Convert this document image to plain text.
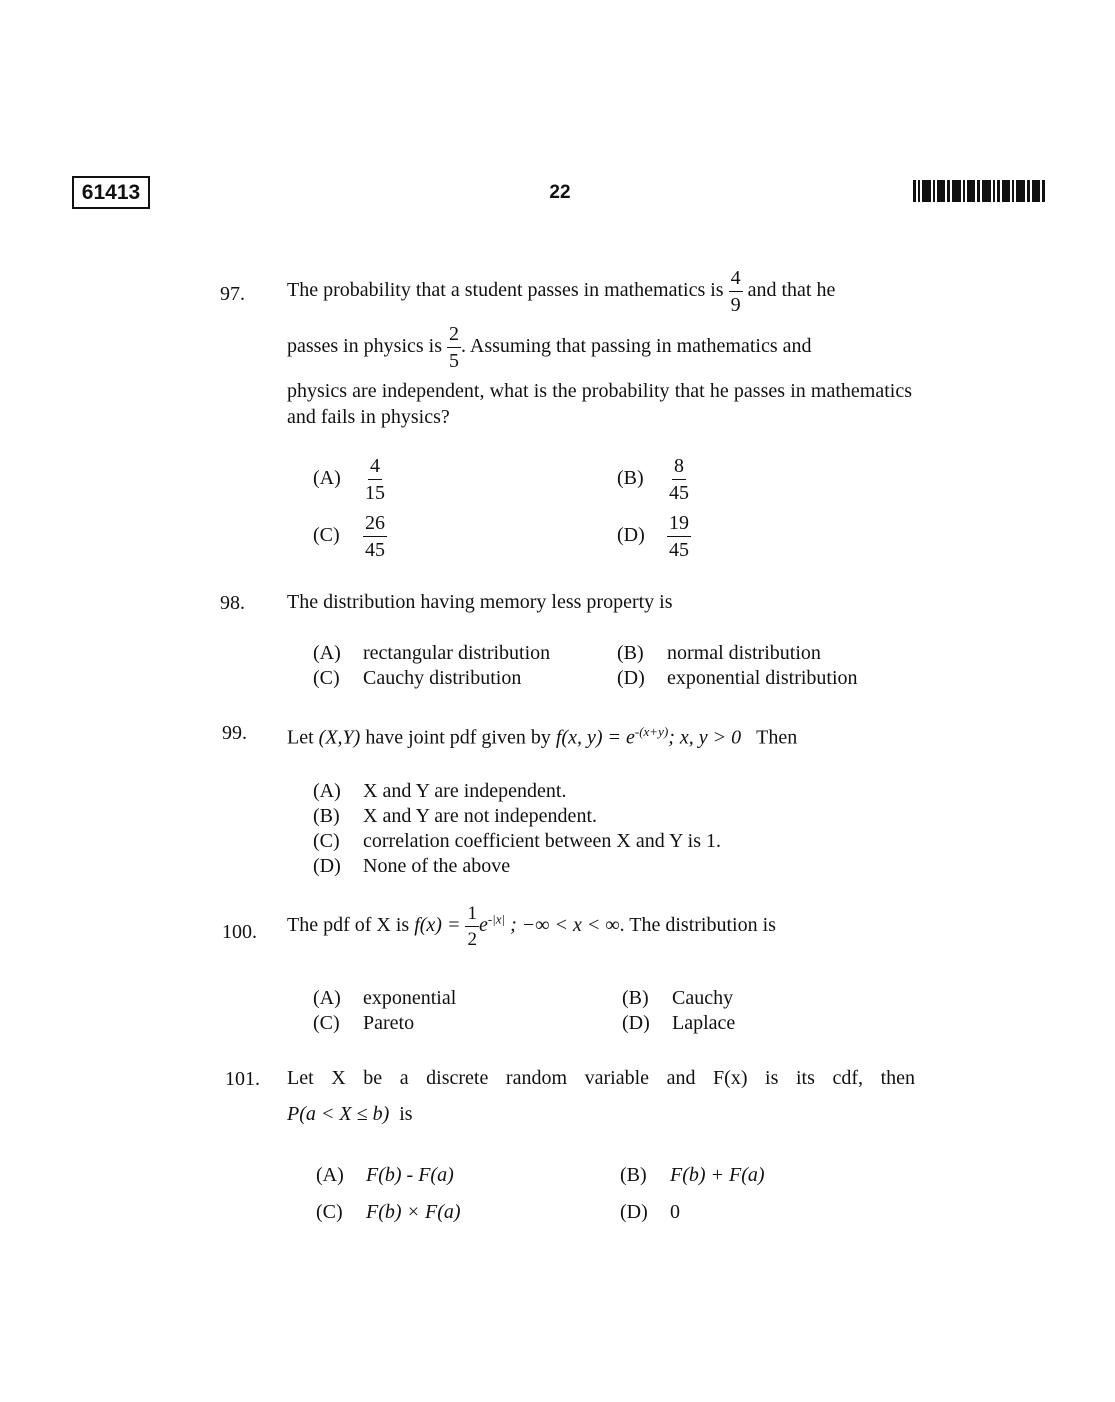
61413	22
97. The probability that a student passes in mathematics is $\frac{4}{9}$ and that he
passes in physics is $\frac{2}{5}$ . Assuming that passing in mathematics and
physics are independent, what is the probability that he passes in mathematics and fails in physics?
$(A) \frac{4}{15}$	$(B) \frac{8}{45}$
$(C) \frac{26}{45}$	$(D) \frac{19}{45}$
98. The distribution having memory less property is
(A) rectangular distribution	(B) normal distribution
(C) Cauchy distribution	(D) exponential distribution
99. Let (X,Y) have joint pdf given by f(x, $y) = e^{-(x+y)}$; x, y > 0 Then
(A) X and Y are independent.
(B) X and Y are not independent.
(C) correlation coefficient between X and Y is 1.
(D) None of the above
100. The pdf of X is $f(x) = \frac{1}{2} e^{-|x|}$ ; −∞ < x < ∞. The distribution is
(A) exponential	(B) Cauchy
(C) Pareto	(D) Laplace
101. Let X be a discrete random variable and F(x) is its cdf, then
P(a < X ≤ b) is
(A) F(b) - F(a)	(B) F(b) + F(a)
(C) F(b) × F(a)	(D) 0
